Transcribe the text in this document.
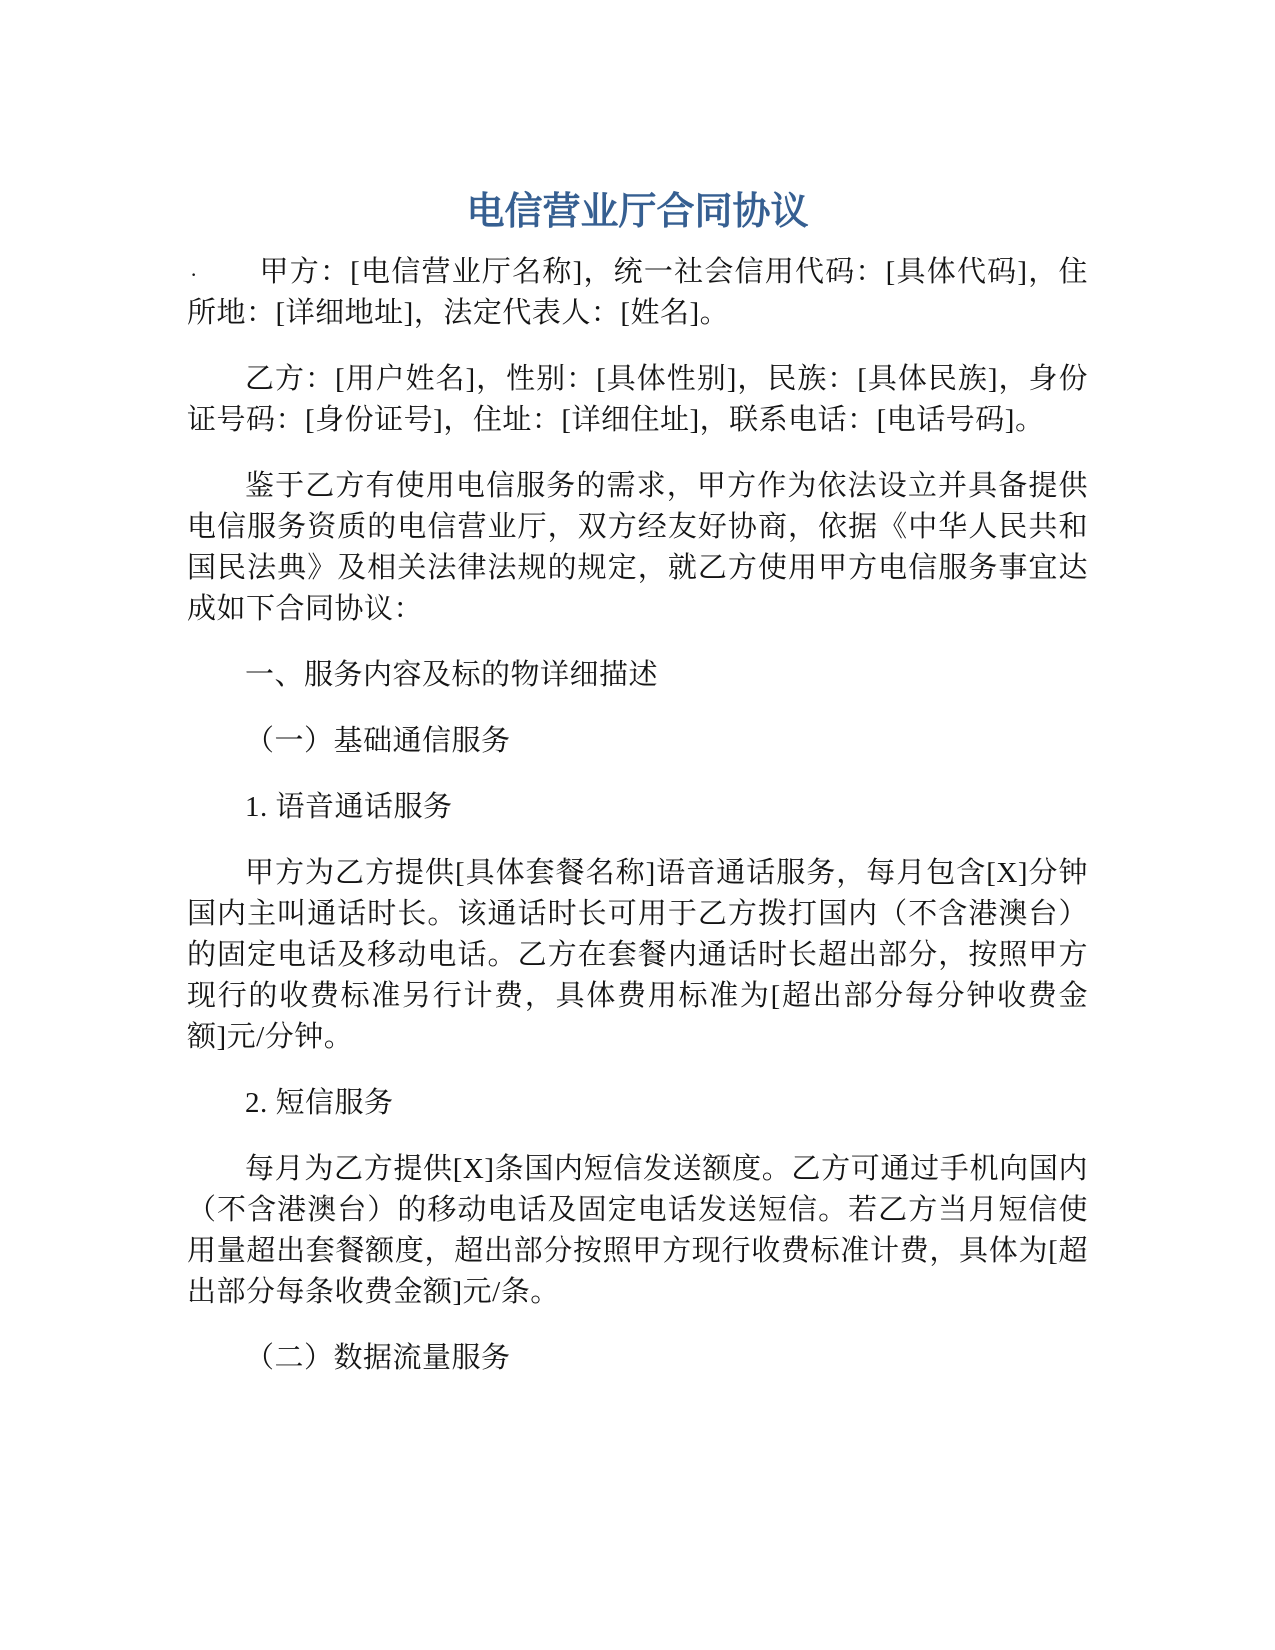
电信营业厅合同协议

· 甲方：[电信营业厅名称]，统一社会信用代码：[具体代码]，住所地：[详细地址]，法定代表人：[姓名]。

乙方：[用户姓名]，性别：[具体性别]，民族：[具体民族]，身份证号码：[身份证号]，住址：[详细住址]，联系电话：[电话号码]。

鉴于乙方有使用电信服务的需求，甲方作为依法设立并具备提供电信服务资质的电信营业厅，双方经友好协商，依据《中华人民共和国民法典》及相关法律法规的规定，就乙方使用甲方电信服务事宜达成如下合同协议：

一、服务内容及标的物详细描述

（一）基础通信服务

1. 语音通话服务

甲方为乙方提供[具体套餐名称]语音通话服务，每月包含[X]分钟国内主叫通话时长。该通话时长可用于乙方拨打国内（不含港澳台）的固定电话及移动电话。乙方在套餐内通话时长超出部分，按照甲方现行的收费标准另行计费，具体费用标准为[超出部分每分钟收费金额]元/分钟。

2. 短信服务

每月为乙方提供[X]条国内短信发送额度。乙方可通过手机向国内（不含港澳台）的移动电话及固定电话发送短信。若乙方当月短信使用量超出套餐额度，超出部分按照甲方现行收费标准计费，具体为[超出部分每条收费金额]元/条。

（二）数据流量服务
